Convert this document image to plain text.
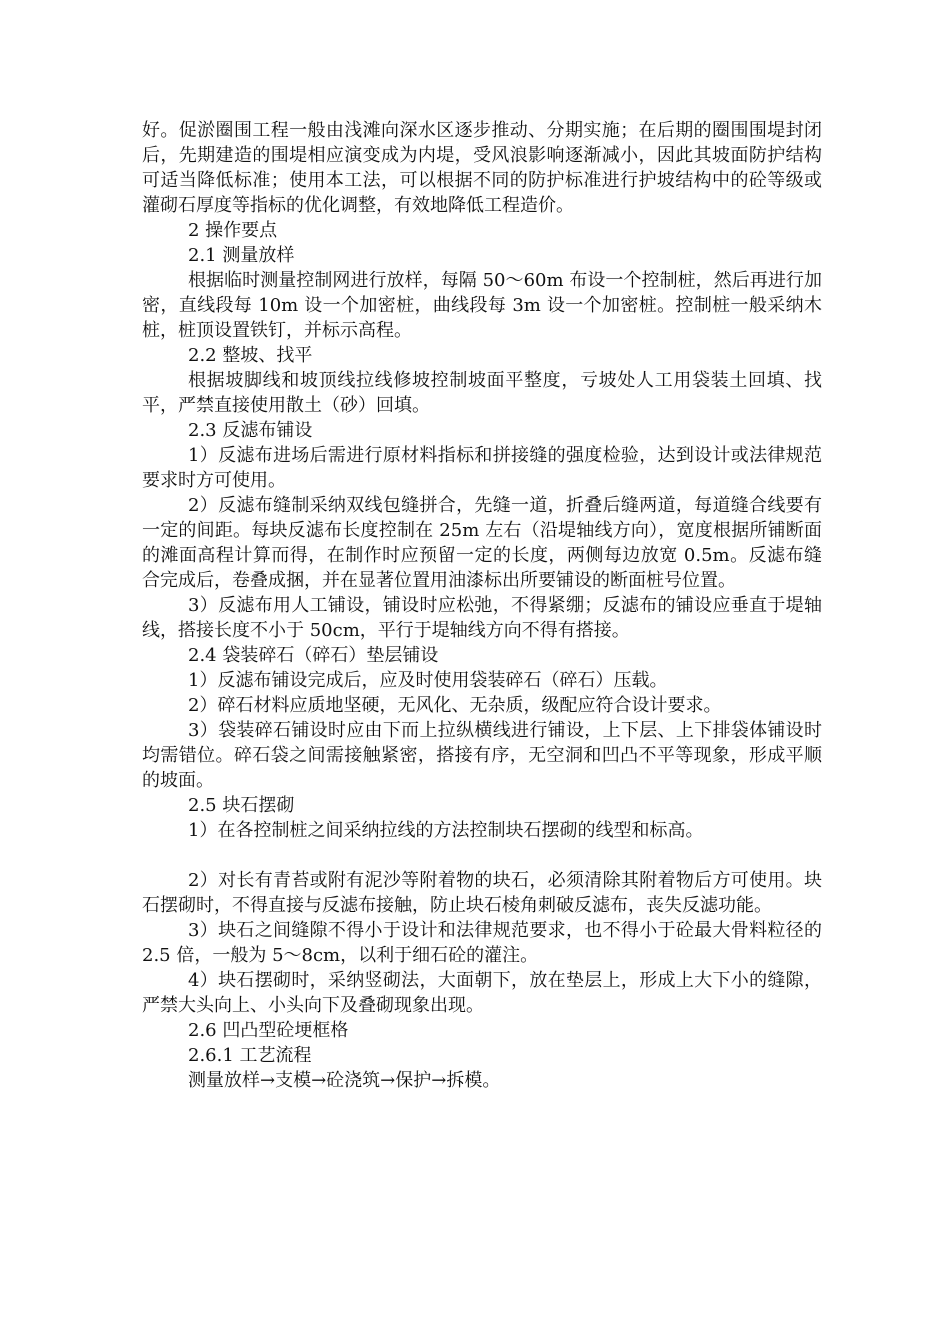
好。促淤圈围工程一般由浅滩向深水区逐步推动、分期实施；在后期的圈围围堤封闭后，先期建造的围堤相应演变成为内堤，受风浪影响逐渐减小，因此其坡面防护结构可适当降低标准；使用本工法，可以根据不同的防护标准进行护坡结构中的砼等级或灌砌石厚度等指标的优化调整，有效地降低工程造价。

2 操作要点

2.1 测量放样

根据临时测量控制网进行放样，每隔 50～60m 布设一个控制桩，然后再进行加密，直线段每 10m 设一个加密桩，曲线段每 3m 设一个加密桩。控制桩一般采纳木桩，桩顶设置铁钉，并标示高程。

2.2 整坡、找平

根据坡脚线和坡顶线拉线修坡控制坡面平整度，亏坡处人工用袋装土回填、找平，严禁直接使用散土（砂）回填。

2.3 反滤布铺设

1）反滤布进场后需进行原材料指标和拼接缝的强度检验，达到设计或法律规范要求时方可使用。

2）反滤布缝制采纳双线包缝拼合，先缝一道，折叠后缝两道，每道缝合线要有一定的间距。每块反滤布长度控制在 25m 左右（沿堤轴线方向），宽度根据所铺断面的滩面高程计算而得，在制作时应预留一定的长度，两侧每边放宽 0.5m。反滤布缝合完成后，卷叠成捆，并在显著位置用油漆标出所要铺设的断面桩号位置。

3）反滤布用人工铺设，铺设时应松弛，不得紧绷；反滤布的铺设应垂直于堤轴线，搭接长度不小于 50cm，平行于堤轴线方向不得有搭接。

2.4 袋装碎石（碎石）垫层铺设

1）反滤布铺设完成后，应及时使用袋装碎石（碎石）压载。

2）碎石材料应质地坚硬，无风化、无杂质，级配应符合设计要求。

3）袋装碎石铺设时应由下而上拉纵横线进行铺设，上下层、上下排袋体铺设时均需错位。碎石袋之间需接触紧密，搭接有序，无空洞和凹凸不平等现象，形成平顺的坡面。

2.5 块石摆砌

1）在各控制桩之间采纳拉线的方法控制块石摆砌的线型和标高。

2）对长有青苔或附有泥沙等附着物的块石，必须清除其附着物后方可使用。块石摆砌时，不得直接与反滤布接触，防止块石棱角刺破反滤布，丧失反滤功能。

3）块石之间缝隙不得小于设计和法律规范要求，也不得小于砼最大骨料粒径的 2.5 倍，一般为 5～8cm，以利于细石砼的灌注。

4）块石摆砌时，采纳竖砌法，大面朝下，放在垫层上，形成上大下小的缝隙，严禁大头向上、小头向下及叠砌现象出现。

2.6 凹凸型砼埂框格

2.6.1 工艺流程

测量放样→支模→砼浇筑→保护→拆模。
